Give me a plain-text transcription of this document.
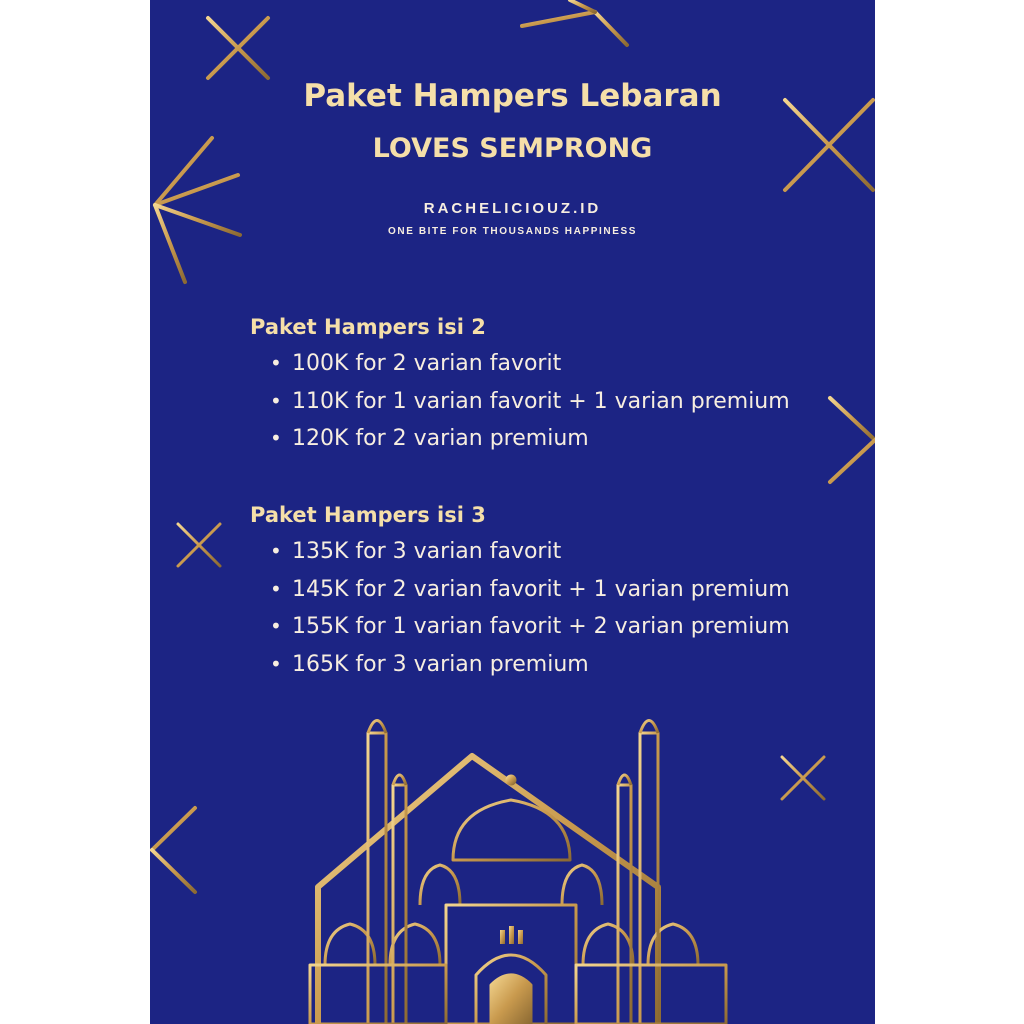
Paket Hampers Lebaran
LOVES SEMPRONG
RACHELICIOUZ.ID
ONE BITE FOR THOUSANDS HAPPINESS
Paket Hampers isi 2
• 100K for 2 varian favorit
• 110K for 1 varian favorit + 1 varian premium
• 120K for 2 varian premium
Paket Hampers isi 3
• 135K for 3 varian favorit
• 145K for 2 varian favorit + 1 varian premium
• 155K for 1 varian favorit + 2 varian premium
• 165K for 3 varian premium
